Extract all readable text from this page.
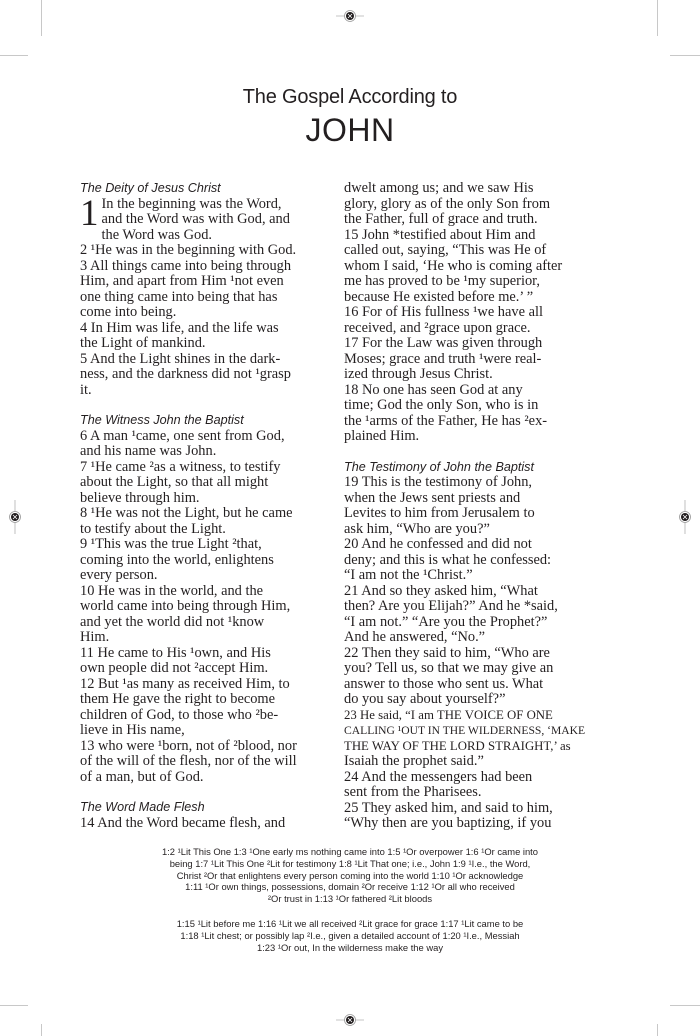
The Gospel According to
JOHN
The Deity of Jesus Christ
1 In the beginning was the Word,
and the Word was with God, and
the Word was God.
2 ¹He was in the beginning with God.
3 All things came into being through
Him, and apart from Him ¹not even
one thing came into being that has
come into being.
4 In Him was life, and the life was
the Light of mankind.
5 And the Light shines in the dark-
ness, and the darkness did not ¹grasp
it.
The Witness John the Baptist
6 A man ¹came, one sent from God,
and his name was John.
7 ¹He came ²as a witness, to testify
about the Light, so that all might
believe through him.
8 ¹He was not the Light, but he came
to testify about the Light.
9 ¹This was the true Light ²that,
coming into the world, enlightens
every person.
10 He was in the world, and the
world came into being through Him,
and yet the world did not ¹know
Him.
11 He came to His ¹own, and His
own people did not ²accept Him.
12 But ¹as many as received Him, to
them He gave the right to become
children of God, to those who ²be-
lieve in His name,
13 who were ¹born, not of ²blood, nor
of the will of the flesh, nor of the will
of a man, but of God.
The Word Made Flesh
14 And the Word became flesh, and
dwelt among us; and we saw His
glory, glory as of the only Son from
the Father, full of grace and truth.
15 John *testified about Him and
called out, saying, “This was He of
whom I said, ‘He who is coming after
me has proved to be ¹my superior,
because He existed before me.’ ”
16 For of His fullness ¹we have all
received, and ²grace upon grace.
17 For the Law was given through
Moses; grace and truth ¹were real-
ized through Jesus Christ.
18 No one has seen God at any
time; God the only Son, who is in
the ¹arms of the Father, He has ²ex-
plained Him.
The Testimony of John the Baptist
19 This is the testimony of John,
when the Jews sent priests and
Levites to him from Jerusalem to
ask him, “Who are you?”
20 And he confessed and did not
deny; and this is what he confessed:
“I am not the ¹Christ.”
21 And so they asked him, “What
then? Are you Elijah?” And he *said,
“I am not.” “Are you the Prophet?”
And he answered, “No.”
22 Then they said to him, “Who are
you? Tell us, so that we may give an
answer to those who sent us. What
do you say about yourself?”
23 He said, “I am THE VOICE OF ONE
CALLING ¹OUT IN THE WILDERNESS, ‘MAKE
THE WAY OF THE LORD STRAIGHT,’ as
Isaiah the prophet said.”
24 And the messengers had been
sent from the Pharisees.
25 They asked him, and said to him,
“Why then are you baptizing, if you
1:2 ¹Lit This One 1:3 ¹One early ms nothing came into 1:5 ¹Or overpower 1:6 ¹Or came into
being 1:7 ¹Lit This One ²Lit for testimony 1:8 ¹Lit That one; i.e., John 1:9 ¹I.e., the Word,
Christ ²Or that enlightens every person coming into the world 1:10 ¹Or acknowledge
1:11 ¹Or own things, possessions, domain ²Or receive 1:12 ¹Or all who received
²Or trust in 1:13 ¹Or fathered ²Lit bloods
1:15 ¹Lit before me 1:16 ¹Lit we all received ²Lit grace for grace 1:17 ¹Lit came to be
1:18 ¹Lit chest; or possibly lap ²I.e., given a detailed account of 1:20 ¹I.e., Messiah
1:23 ¹Or out, In the wilderness make the way
